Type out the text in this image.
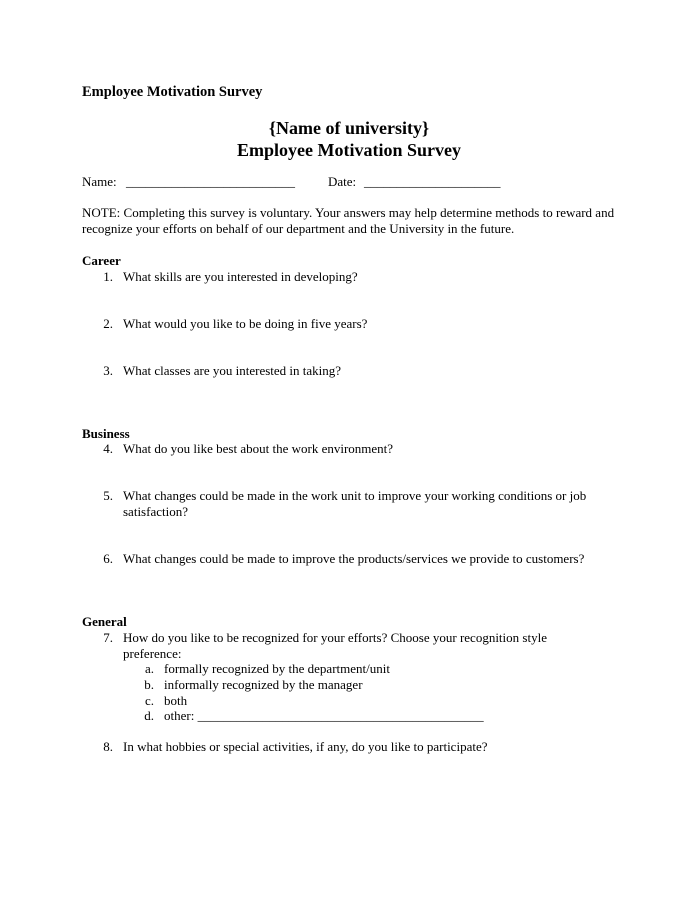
Employee Motivation Survey
{Name of university}
Employee Motivation Survey
Name: __________________________	Date: _____________________
NOTE: Completing this survey is voluntary. Your answers may help determine methods to reward and recognize your efforts on behalf of our department and the University in the future.
Career
1. What skills are you interested in developing?
2. What would you like to be doing in five years?
3. What classes are you interested in taking?
Business
4. What do you like best about the work environment?
5. What changes could be made in the work unit to improve your working conditions or job satisfaction?
6. What changes could be made to improve the products/services we provide to customers?
General
7. How do you like to be recognized for your efforts? Choose your recognition style preference:
a. formally recognized by the department/unit
b. informally recognized by the manager
c. both
d. other: ____________________________________________
8. In what hobbies or special activities, if any, do you like to participate?
